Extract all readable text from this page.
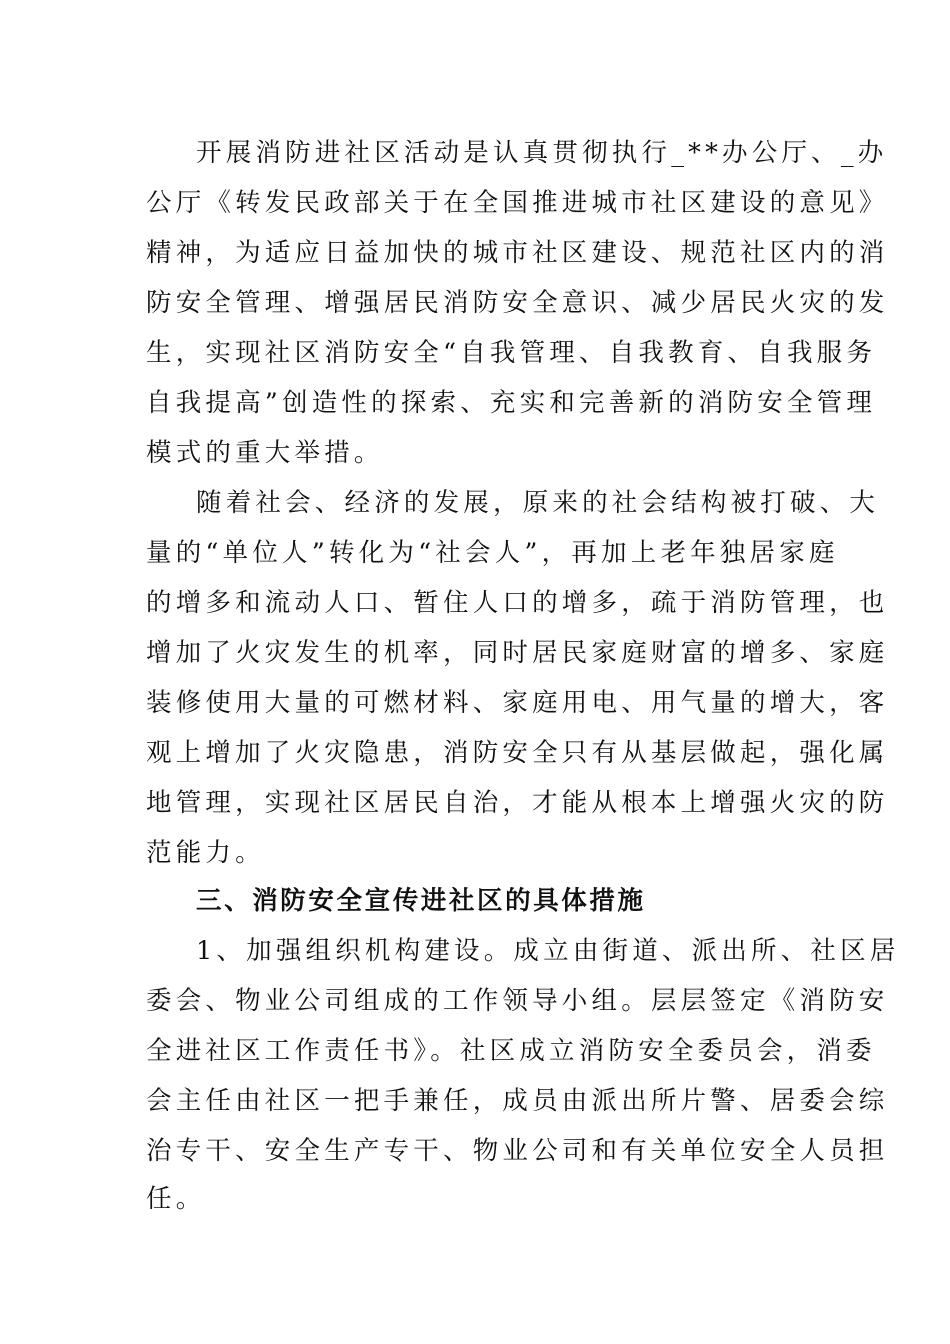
开展消防进社区活动是认真贯彻执行_**办公厅、_办
公厅《转发民政部关于在全国推进城市社区建设的意见》
精神，为适应日益加快的城市社区建设、规范社区内的消
防安全管理、增强居民消防安全意识、减少居民火灾的发
生，实现社区消防安全“自我管理、自我教育、自我服务
自我提高”创造性的探索、充实和完善新的消防安全管理
模式的重大举措。
随着社会、经济的发展，原来的社会结构被打破、大
量的“单位人”转化为“社会人”，再加上老年独居家庭
的增多和流动人口、暂住人口的增多，疏于消防管理，也
增加了火灾发生的机率，同时居民家庭财富的增多、家庭
装修使用大量的可燃材料、家庭用电、用气量的增大，客
观上增加了火灾隐患，消防安全只有从基层做起，强化属
地管理，实现社区居民自治，才能从根本上增强火灾的防
范能力。
三、消防安全宣传进社区的具体措施
1、加强组织机构建设。成立由街道、派出所、社区居
委会、物业公司组成的工作领导小组。层层签定《消防安
全进社区工作责任书》。社区成立消防安全委员会，消委
会主任由社区一把手兼任，成员由派出所片警、居委会综
治专干、安全生产专干、物业公司和有关单位安全人员担
任。
